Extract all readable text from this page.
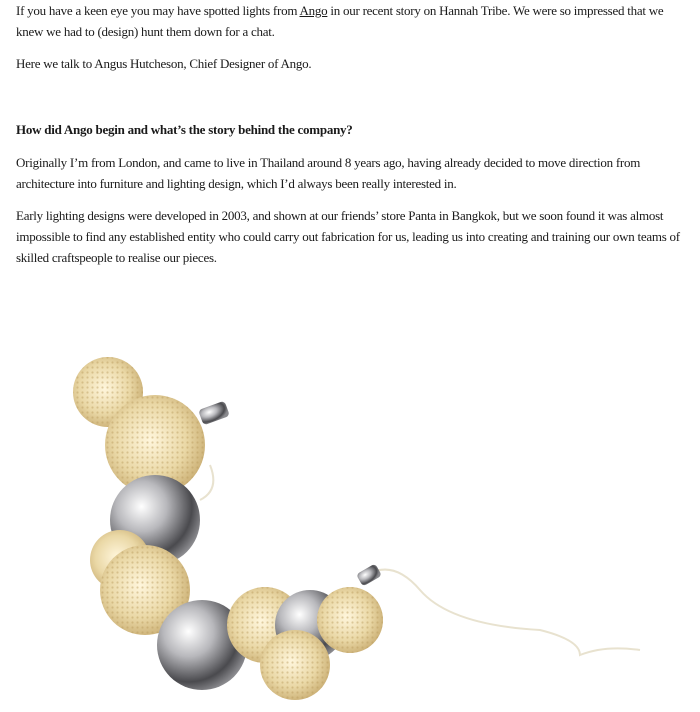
If you have a keen eye you may have spotted lights from Ango in our recent story on Hannah Tribe. We were so impressed that we knew we had to (design) hunt them down for a chat.

Here we talk to Angus Hutcheson, Chief Designer of Ango.

How did Ango begin and what’s the story behind the company?

Originally I’m from London, and came to live in Thailand around 8 years ago, having already decided to move direction from architecture into furniture and lighting design, which I’d always been really interested in.

Early lighting designs were developed in 2003, and shown at our friends’ store Panta in Bangkok, but we soon found it was almost impossible to find any established entity who could carry out fabrication for us, leading us into creating and training our own teams of skilled craftspeople to realise our pieces.
